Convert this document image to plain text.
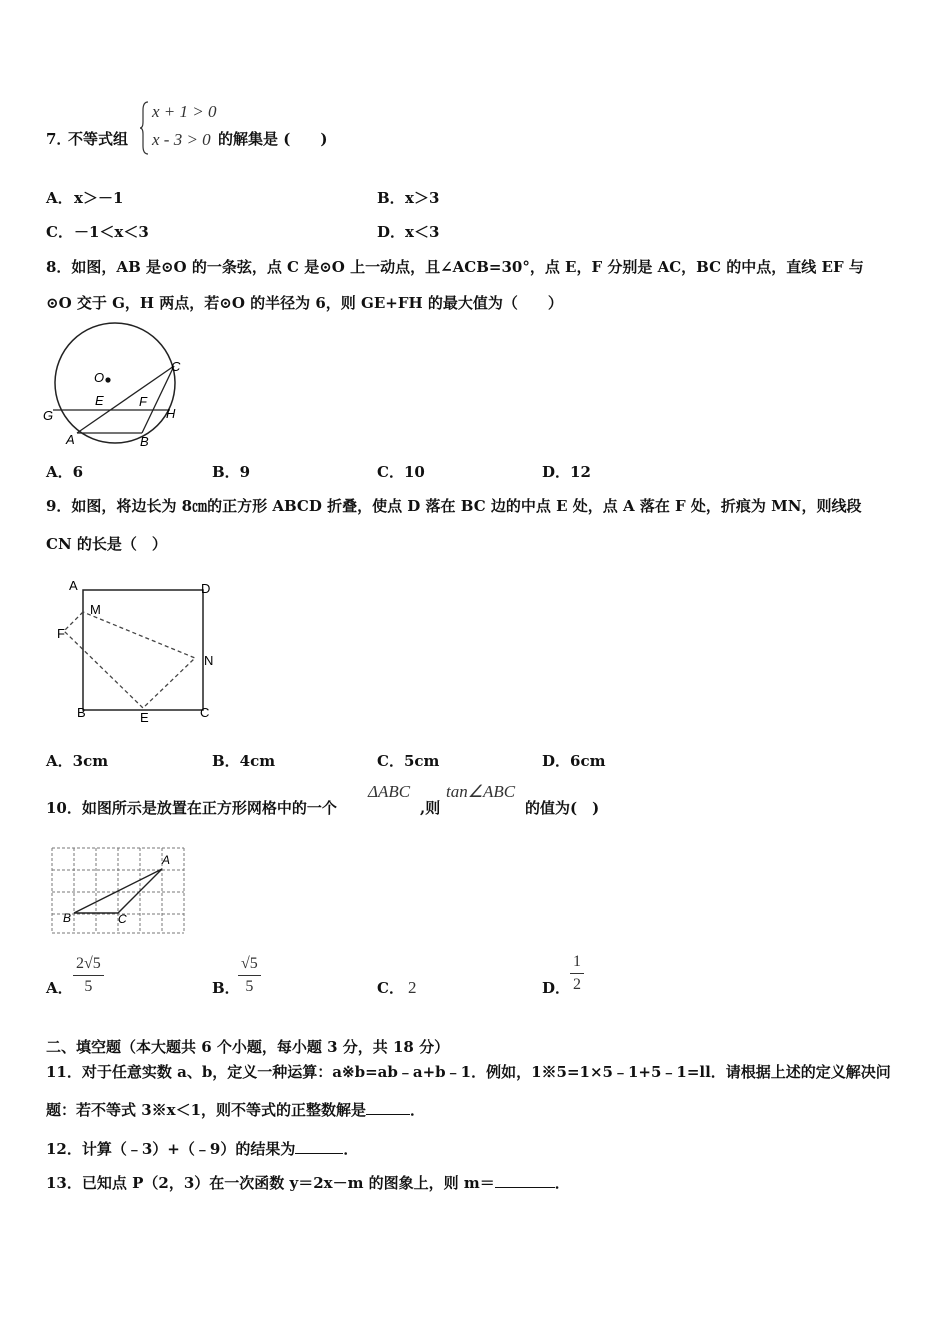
7．
不等式组
x + 1 > 0
x - 3 > 0 的解集是 (　　)
A． x＞－1	B． x＞3
C． －1＜x＜3	D． x＜3
8．如图，AB 是⊙O 的一条弦，点 C 是⊙O 上一动点，且∠ACB=30°，点 E，F 分别是 AC，BC 的中点，直线 EF 与
⊙O 交于 G，H 两点，若⊙O 的半径为 6，则 GE+FH 的最大值为（　　）
O
C
E	F
G	H
A	B
A．6	B．9	C．10	D．12
9．如图，将边长为 8㎝的正方形 ABCD 折叠，使点 D 落在 BC 边的中点 E 处，点 A 落在 F 处，折痕为 MN，则线段
CN 的长是（　）
A	D
M
F
N
B	E	C
A．3cm	B．4cm	C．5cm	D．6cm
10．如图所示是放置在正方形网格中的一个
ΔABC
,则
tan∠ABC
的值为(　)
A
B	C
A． $\frac{2√5}{5}$	B．
$\frac{√5}{5}$	C． 2	D． $\frac{1}{2}$
二、填空题（本大题共 6 个小题，每小题 3 分，共 18 分）
11．对于任意实数 a、b，定义一种运算：a※b=ab﹣a+b﹣1．例如，1※5=1×5﹣1+5﹣1=ll．请根据上述的定义解决问
题：若不等式 3※x＜1，则不等式的正整数解是	．
12．计算（﹣3）+（﹣9）的结果为	．
13．已知点 P（2，3）在一次函数 y＝2x－m 的图象上，则 m＝	．
